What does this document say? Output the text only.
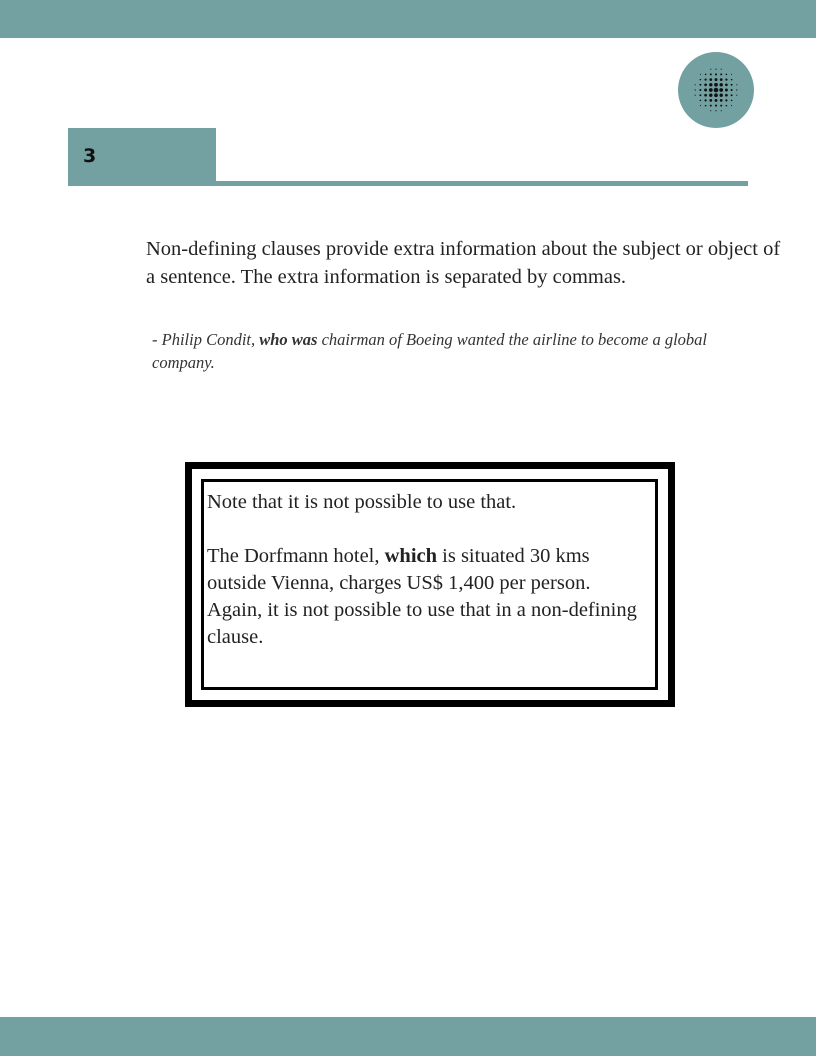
3

Non-defining clauses provide extra information about the subject or object of a sentence. The extra information is separated by commas.

- Philip Condit, who was chairman of Boeing wanted the airline to become a global company.

Note that it is not possible to use that.
The Dorfmann hotel, which is situated 30 kms outside Vienna, charges US$ 1,400 per person. Again, it is not possible to use that in a non-defining clause.
